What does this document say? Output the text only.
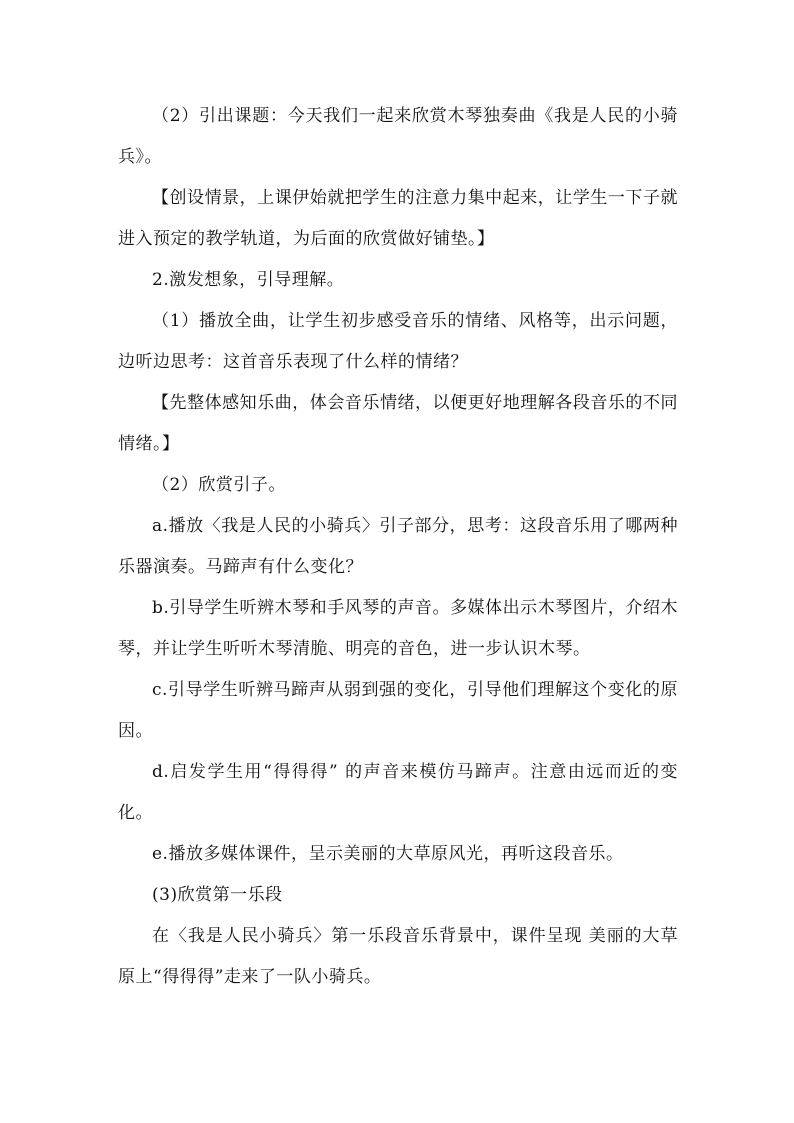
（2）引出课题：今天我们一起来欣赏木琴独奏曲《我是人民的小骑兵》。

【创设情景，上课伊始就把学生的注意力集中起来，让学生一下子就进入预定的教学轨道，为后面的欣赏做好铺垫。】

2.激发想象，引导理解。

（1）播放全曲，让学生初步感受音乐的情绪、风格等，出示问题，边听边思考：这首音乐表现了什么样的情绪？

【先整体感知乐曲，体会音乐情绪，以便更好地理解各段音乐的不同情绪。】

（2）欣赏引子。

a.播放〈我是人民的小骑兵〉引子部分，思考：这段音乐用了哪两种乐器演奏。马蹄声有什么变化？

b.引导学生听辨木琴和手风琴的声音。多媒体出示木琴图片，介绍木琴，并让学生听听木琴清脆、明亮的音色，进一步认识木琴。

c.引导学生听辨马蹄声从弱到强的变化，引导他们理解这个变化的原因。

d.启发学生用“得得得” 的声音来模仿马蹄声。注意由远而近的变化。

e.播放多媒体课件，呈示美丽的大草原风光，再听这段音乐。

(3)欣赏第一乐段

在〈我是人民小骑兵〉第一乐段音乐背景中，课件呈现 美丽的大草原上“得得得”走来了一队小骑兵。
